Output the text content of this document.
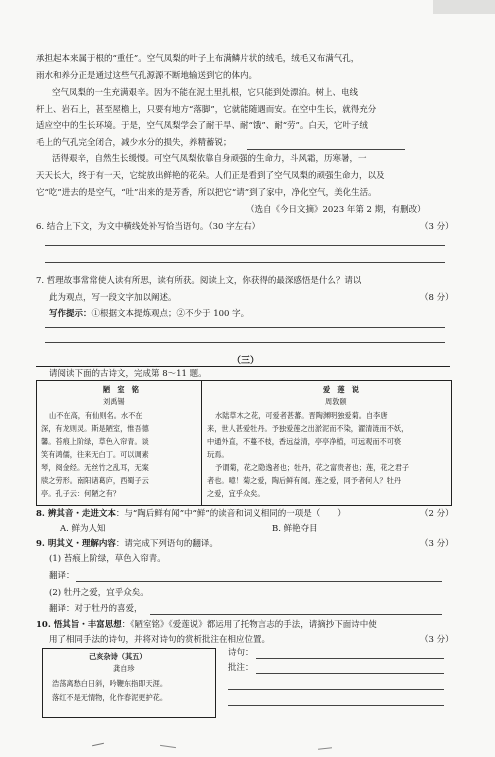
承担起本来属于根的“重任”。空气凤梨的叶子上布满鳞片状的绒毛，绒毛又布满气孔，
雨水和养分正是通过这些气孔源源不断地输送到它的体内。
空气凤梨的一生充满艰辛。因为不能在泥土里扎根，它只能到处漂泊。树上、电线
杆上、岩石上，甚至屋檐上，只要有地方“落脚”，它就能随遇而安。在空中生长，就得充分
适应空中的生长环境。于是，空气凤梨学会了耐干旱、耐“饿”、耐“劳”。白天，它叶子绒
毛上的气孔完全闭合，减少水分的损失，养精蓄锐；
活得艰辛，自然生长缓慢。可空气凤梨依靠自身顽强的生命力，斗风霜，历寒暑，一
天天长大，终于有一天，它绽放出鲜艳的花朵。人们正是看到了空气凤梨的顽强生命力，以及
它“吃”进去的是空气，“吐”出来的是芳香，所以把它“请”到了家中，净化空气，美化生活。
（选自《今日文摘》2023 年第 2 期，有删改）
6. 结合上下文，为文中横线处补写恰当语句。（30 字左右）	（3 分）
7. 哲理故事常常使人读有所思，读有所获。阅读上文，你获得的最深感悟是什么？请以
此为观点，写一段文字加以阐述。	（8 分）
写作提示：①根据文本提炼观点；②不少于 100 字。
（三）
请阅读下面的古诗文，完成第 8～11 题。
陋　室　铭
刘禹锡
山不在高，有仙则名。水不在
深，有龙则灵。斯是陋室，惟吾德
馨。苔痕上阶绿，草色入帘青。谈
笑有鸿儒，往来无白丁。可以调素
琴，阅金经。无丝竹之乱耳，无案
牍之劳形。南阳诸葛庐，西蜀子云
亭。孔子云：何陋之有？
爱　莲　说
周敦颐
水陆草木之花，可爱者甚蕃。晋陶渊明独爱菊。自李唐
来，世人甚爱牡丹。予独爱莲之出淤泥而不染，濯清涟而不妖，
中通外直，不蔓不枝，香远益清，亭亭净植，可远观而不可亵
玩焉。
予谓菊，花之隐逸者也；牡丹，花之富贵者也；莲，花之君子
者也。噫！菊之爱，陶后鲜有闻。莲之爱，同予者何人？牡丹
之爱，宜乎众矣。
8. 辨其音・走进文本：与“陶后鲜有闻”中“鲜”的读音和词义相同的一项是（　　）	（2 分）
A. 鲜为人知	B. 鲜艳夺目
9. 明其义・理解内容：请完成下列语句的翻译。	（3 分）
(1) 苔痕上阶绿，草色入帘青。
翻译：
(2) 牡丹之爱，宜乎众矣。
翻译：对于牡丹的喜爱，
10. 悟其旨・丰富思想：《陋室铭》《爱莲说》都运用了托物言志的手法，请摘抄下面诗中使
用了相同手法的诗句，并将对诗句的赏析批注在相应位置。	（3 分）
己亥杂诗（其五）
龚自珍
浩荡离愁白日斜，吟鞭东指即天涯。
落红不是无情物，化作春泥更护花。
诗句：
批注：
